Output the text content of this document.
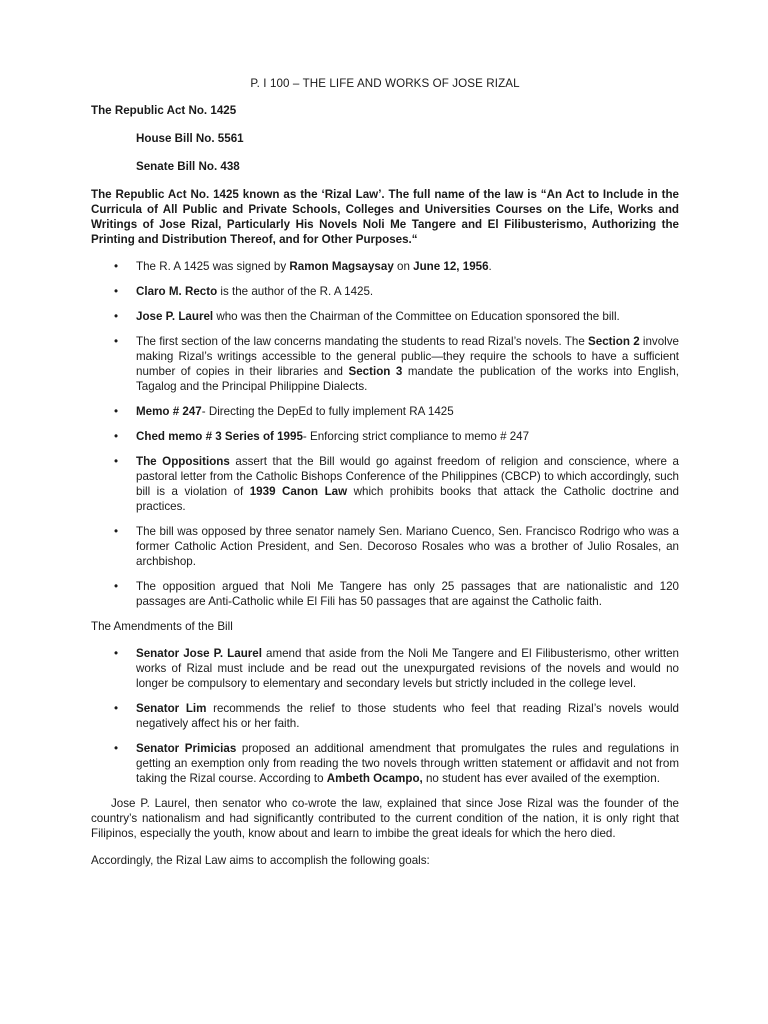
P. I 100 – THE LIFE AND WORKS OF JOSE RIZAL

The Republic Act No. 1425

House Bill No. 5561

Senate Bill No. 438

The Republic Act No. 1425 known as the ‘Rizal Law’. The full name of the law is “An Act to Include in the Curricula of All Public and Private Schools, Colleges and Universities Courses on the Life, Works and Writings of Jose Rizal, Particularly His Novels Noli Me Tangere and El Filibusterismo, Authorizing the Printing and Distribution Thereof, and for Other Purposes.“

• The R. A 1425 was signed by Ramon Magsaysay on June 12, 1956.
• Claro M. Recto is the author of the R. A 1425.
• Jose P. Laurel who was then the Chairman of the Committee on Education sponsored the bill.
• The first section of the law concerns mandating the students to read Rizal’s novels. The Section 2 involve making Rizal’s writings accessible to the general public—they require the schools to have a sufficient number of copies in their libraries and Section 3 mandate the publication of the works into English, Tagalog and the Principal Philippine Dialects.
• Memo # 247- Directing the DepEd to fully implement RA 1425
• Ched memo # 3 Series of 1995- Enforcing strict compliance to memo # 247
• The Oppositions assert that the Bill would go against freedom of religion and conscience, where a pastoral letter from the Catholic Bishops Conference of the Philippines (CBCP) to which accordingly, such bill is a violation of 1939 Canon Law which prohibits books that attack the Catholic doctrine and practices.
• The bill was opposed by three senator namely Sen. Mariano Cuenco, Sen. Francisco Rodrigo who was a former Catholic Action President, and Sen. Decoroso Rosales who was a brother of Julio Rosales, an archbishop.
• The opposition argued that Noli Me Tangere has only 25 passages that are nationalistic and 120 passages are Anti-Catholic while El Fili has 50 passages that are against the Catholic faith.

The Amendments of the Bill

• Senator Jose P. Laurel amend that aside from the Noli Me Tangere and El Filibusterismo, other written works of Rizal must include and be read out the unexpurgated revisions of the novels and would no longer be compulsory to elementary and secondary levels but strictly included in the college level.
• Senator Lim recommends the relief to those students who feel that reading Rizal’s novels would negatively affect his or her faith.
• Senator Primicias proposed an additional amendment that promulgates the rules and regulations in getting an exemption only from reading the two novels through written statement or affidavit and not from taking the Rizal course. According to Ambeth Ocampo, no student has ever availed of the exemption.

Jose P. Laurel, then senator who co-wrote the law, explained that since Jose Rizal was the founder of the country’s nationalism and had significantly contributed to the current condition of the nation, it is only right that Filipinos, especially the youth, know about and learn to imbibe the great ideals for which the hero died.

Accordingly, the Rizal Law aims to accomplish the following goals:
